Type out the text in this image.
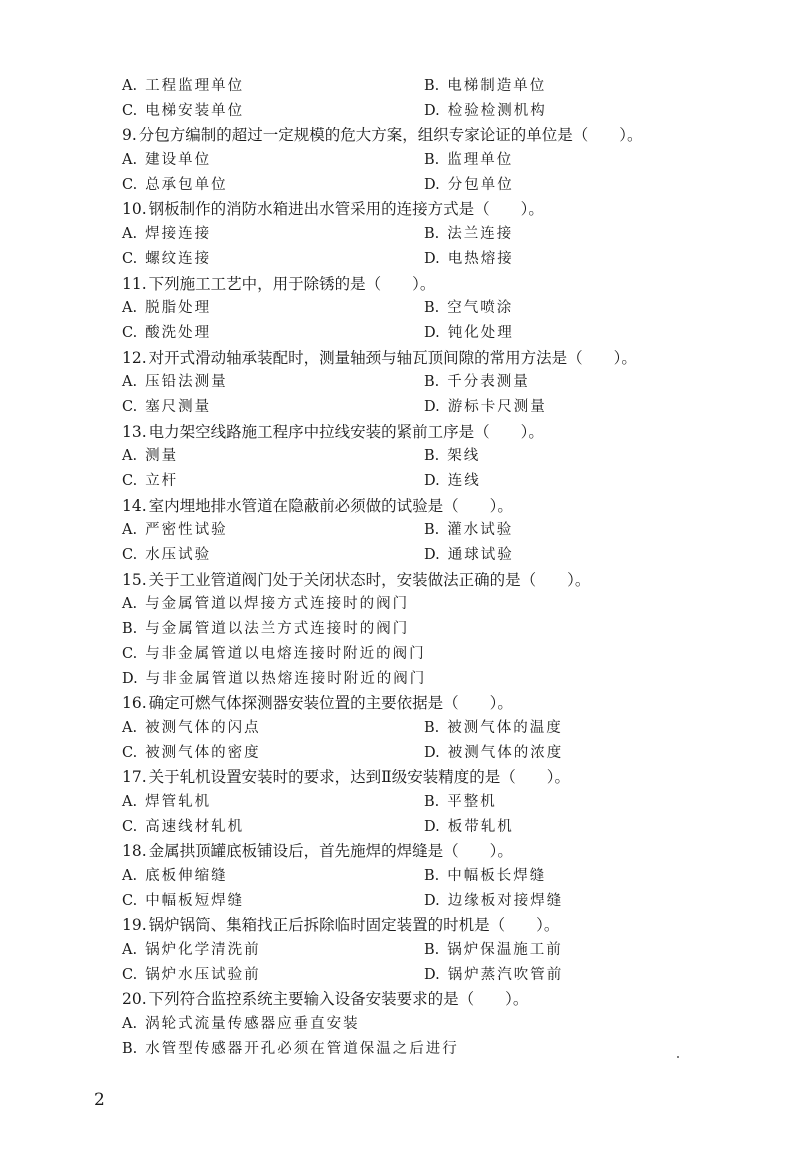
A. 工程监理单位	B. 电梯制造单位
C. 电梯安装单位	D. 检验检测机构
9. 分包方编制的超过一定规模的危大方案，组织专家论证的单位是（　　）。
A. 建设单位	B. 监理单位
C. 总承包单位	D. 分包单位
10. 钢板制作的消防水箱进出水管采用的连接方式是（　　）。
A. 焊接连接	B. 法兰连接
C. 螺纹连接	D. 电热熔接
11. 下列施工工艺中，用于除锈的是（　　）。
A. 脱脂处理	B. 空气喷涂
C. 酸洗处理	D. 钝化处理
12. 对开式滑动轴承装配时，测量轴颈与轴瓦顶间隙的常用方法是（　　）。
A. 压铅法测量	B. 千分表测量
C. 塞尺测量	D. 游标卡尺测量
13. 电力架空线路施工程序中拉线安装的紧前工序是（　　）。
A. 测量	B. 架线
C. 立杆	D. 连线
14. 室内埋地排水管道在隐蔽前必须做的试验是（　　）。
A. 严密性试验	B. 灌水试验
C. 水压试验	D. 通球试验
15. 关于工业管道阀门处于关闭状态时，安装做法正确的是（　　）。
A. 与金属管道以焊接方式连接时的阀门
B. 与金属管道以法兰方式连接时的阀门
C. 与非金属管道以电熔连接时附近的阀门
D. 与非金属管道以热熔连接时附近的阀门
16. 确定可燃气体探测器安装位置的主要依据是（　　）。
A. 被测气体的闪点	B. 被测气体的温度
C. 被测气体的密度	D. 被测气体的浓度
17. 关于轧机设置安装时的要求，达到Ⅱ级安装精度的是（　　）。
A. 焊管轧机	B. 平整机
C. 高速线材轧机	D. 板带轧机
18. 金属拱顶罐底板铺设后，首先施焊的焊缝是（　　）。
A. 底板伸缩缝	B. 中幅板长焊缝
C. 中幅板短焊缝	D. 边缘板对接焊缝
19. 锅炉锅筒、集箱找正后拆除临时固定装置的时机是（　　）。
A. 锅炉化学清洗前	B. 锅炉保温施工前
C. 锅炉水压试验前	D. 锅炉蒸汽吹管前
20. 下列符合监控系统主要输入设备安装要求的是（　　）。
A. 涡轮式流量传感器应垂直安装
B. 水管型传感器开孔必须在管道保温之后进行
2
